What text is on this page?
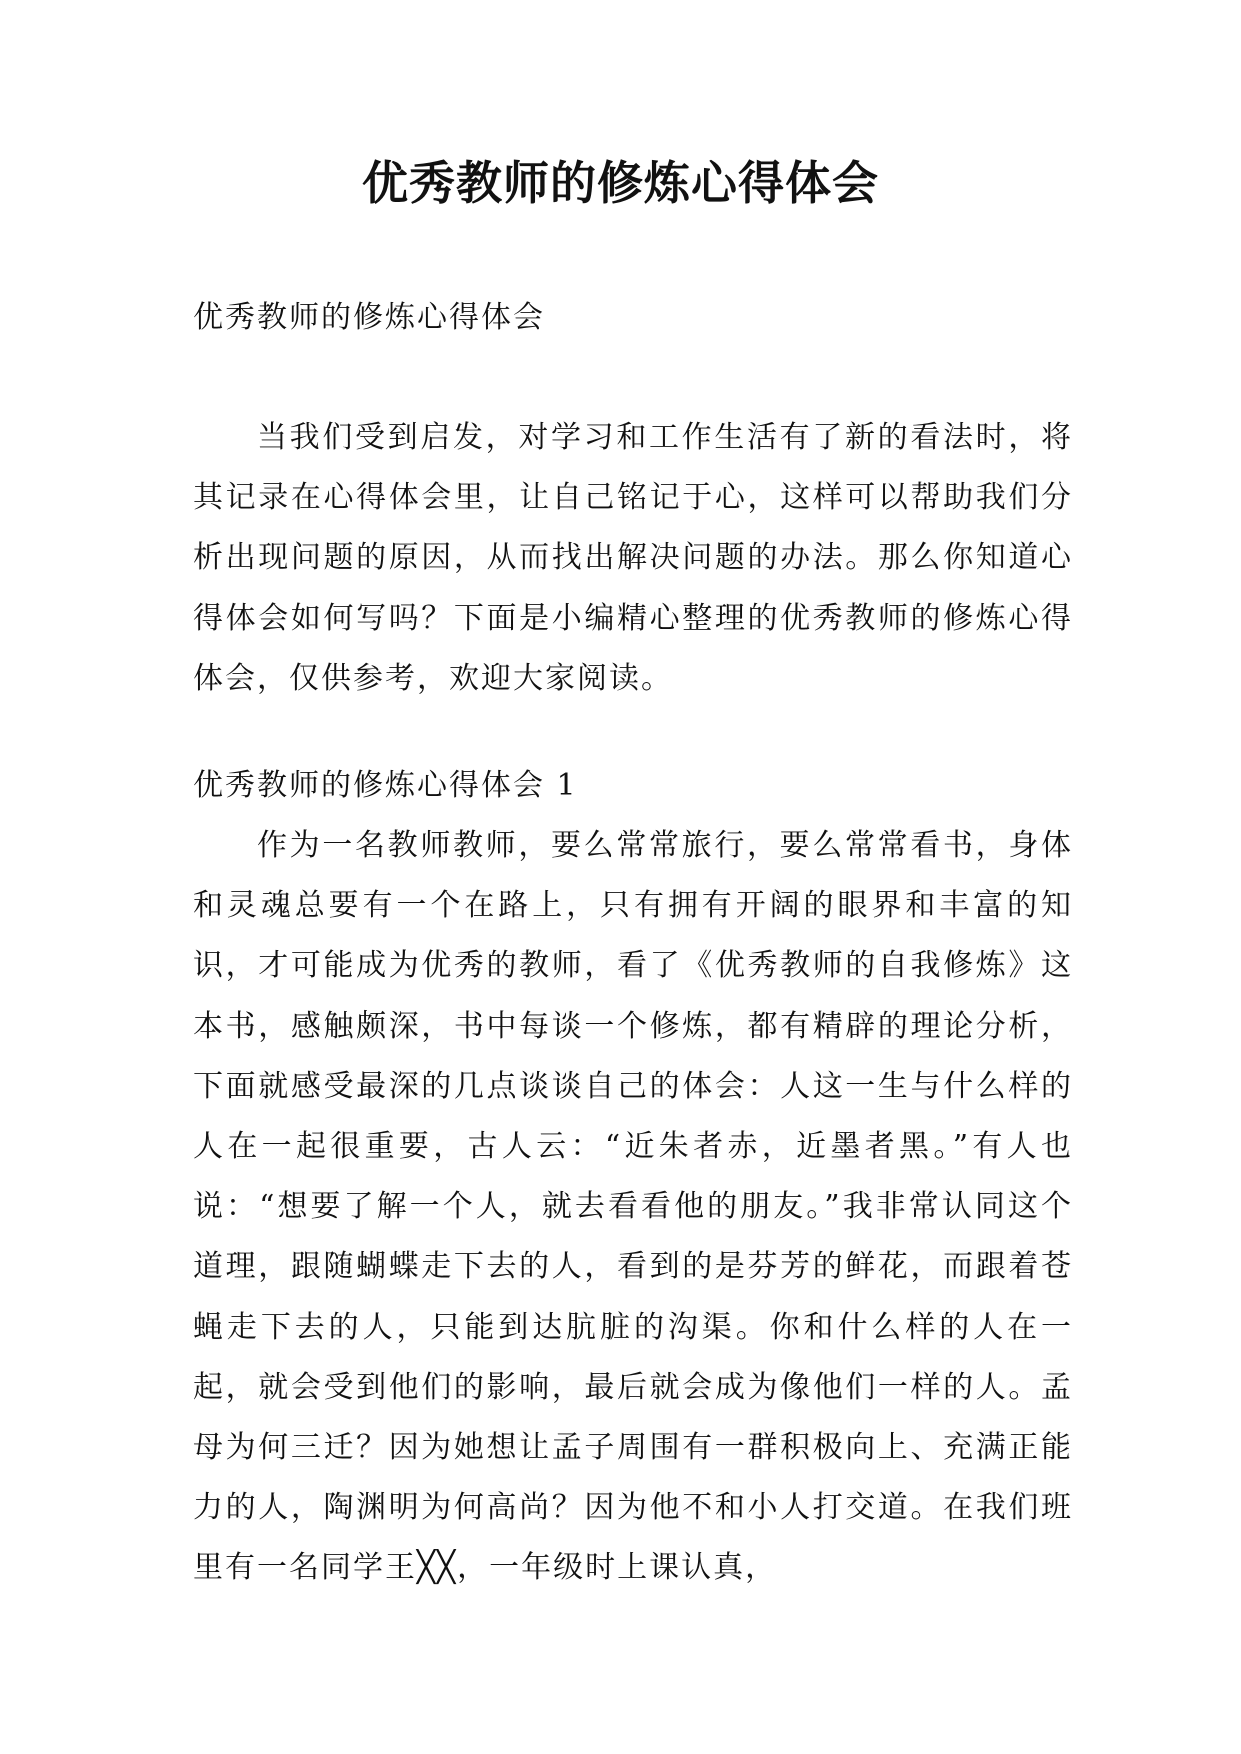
优秀教师的修炼心得体会

优秀教师的修炼心得体会

当我们受到启发，对学习和工作生活有了新的看法时，将其记录在心得体会里，让自己铭记于心，这样可以帮助我们分析出现问题的原因，从而找出解决问题的办法。那么你知道心得体会如何写吗？下面是小编精心整理的优秀教师的修炼心得体会，仅供参考，欢迎大家阅读。

优秀教师的修炼心得体会 1

作为一名教师教师，要么常常旅行，要么常常看书，身体和灵魂总要有一个在路上，只有拥有开阔的眼界和丰富的知识，才可能成为优秀的教师，看了《优秀教师的自我修炼》这本书，感触颇深，书中每谈一个修炼，都有精辟的理论分析，下面就感受最深的几点谈谈自己的体会：人这一生与什么样的人在一起很重要，古人云：“近朱者赤，近墨者黑。”有人也说：“想要了解一个人，就去看看他的朋友。”我非常认同这个道理，跟随蝴蝶走下去的人，看到的是芬芳的鲜花，而跟着苍蝇走下去的人，只能到达肮脏的沟渠。你和什么样的人在一起，就会受到他们的影响，最后就会成为像他们一样的人。孟母为何三迁？因为她想让孟子周围有一群积极向上、充满正能力的人，陶渊明为何高尚？因为他不和小人打交道。在我们班里有一名同学王╳╳，一年级时上课认真，
